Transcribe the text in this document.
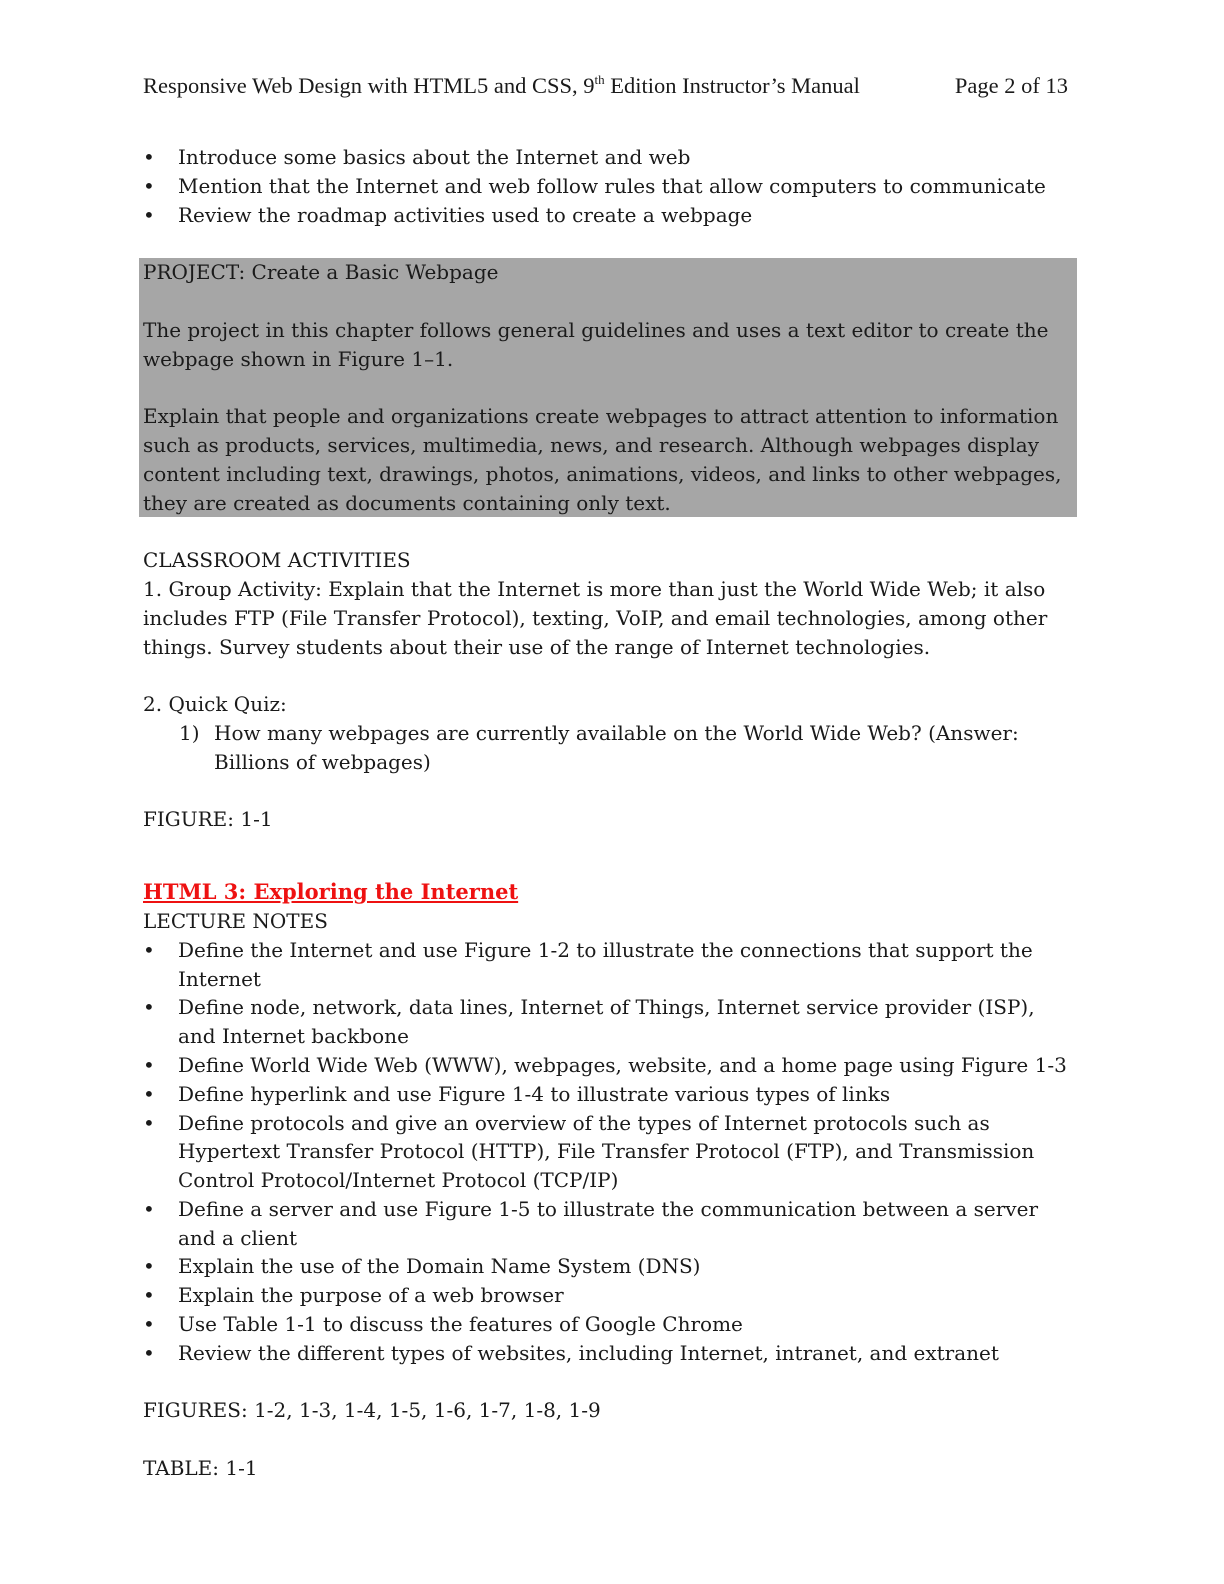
Responsive Web Design with HTML5 and CSS, 9th Edition Instructor’s Manual	Page 2 of 13
• Introduce some basics about the Internet and web
• Mention that the Internet and web follow rules that allow computers to communicate
• Review the roadmap activities used to create a webpage
PROJECT: Create a Basic Webpage
The project in this chapter follows general guidelines and uses a text editor to create the webpage shown in Figure 1–1.
Explain that people and organizations create webpages to attract attention to information such as products, services, multimedia, news, and research. Although webpages display content including text, drawings, photos, animations, videos, and links to other webpages, they are created as documents containing only text.
CLASSROOM ACTIVITIES
1. Group Activity: Explain that the Internet is more than just the World Wide Web; it also includes FTP (File Transfer Protocol), texting, VoIP, and email technologies, among other things. Survey students about their use of the range of Internet technologies.
2. Quick Quiz:
1) How many webpages are currently available on the World Wide Web? (Answer: Billions of webpages)
FIGURE: 1-1
HTML 3: Exploring the Internet
LECTURE NOTES
• Define the Internet and use Figure 1-2 to illustrate the connections that support the Internet
• Define node, network, data lines, Internet of Things, Internet service provider (ISP), and Internet backbone
• Define World Wide Web (WWW), webpages, website, and a home page using Figure 1-3
• Define hyperlink and use Figure 1-4 to illustrate various types of links
• Define protocols and give an overview of the types of Internet protocols such as Hypertext Transfer Protocol (HTTP), File Transfer Protocol (FTP), and Transmission Control Protocol/Internet Protocol (TCP/IP)
• Define a server and use Figure 1-5 to illustrate the communication between a server and a client
• Explain the use of the Domain Name System (DNS)
• Explain the purpose of a web browser
• Use Table 1-1 to discuss the features of Google Chrome
• Review the different types of websites, including Internet, intranet, and extranet
FIGURES: 1-2, 1-3, 1-4, 1-5, 1-6, 1-7, 1-8, 1-9
TABLE: 1-1
